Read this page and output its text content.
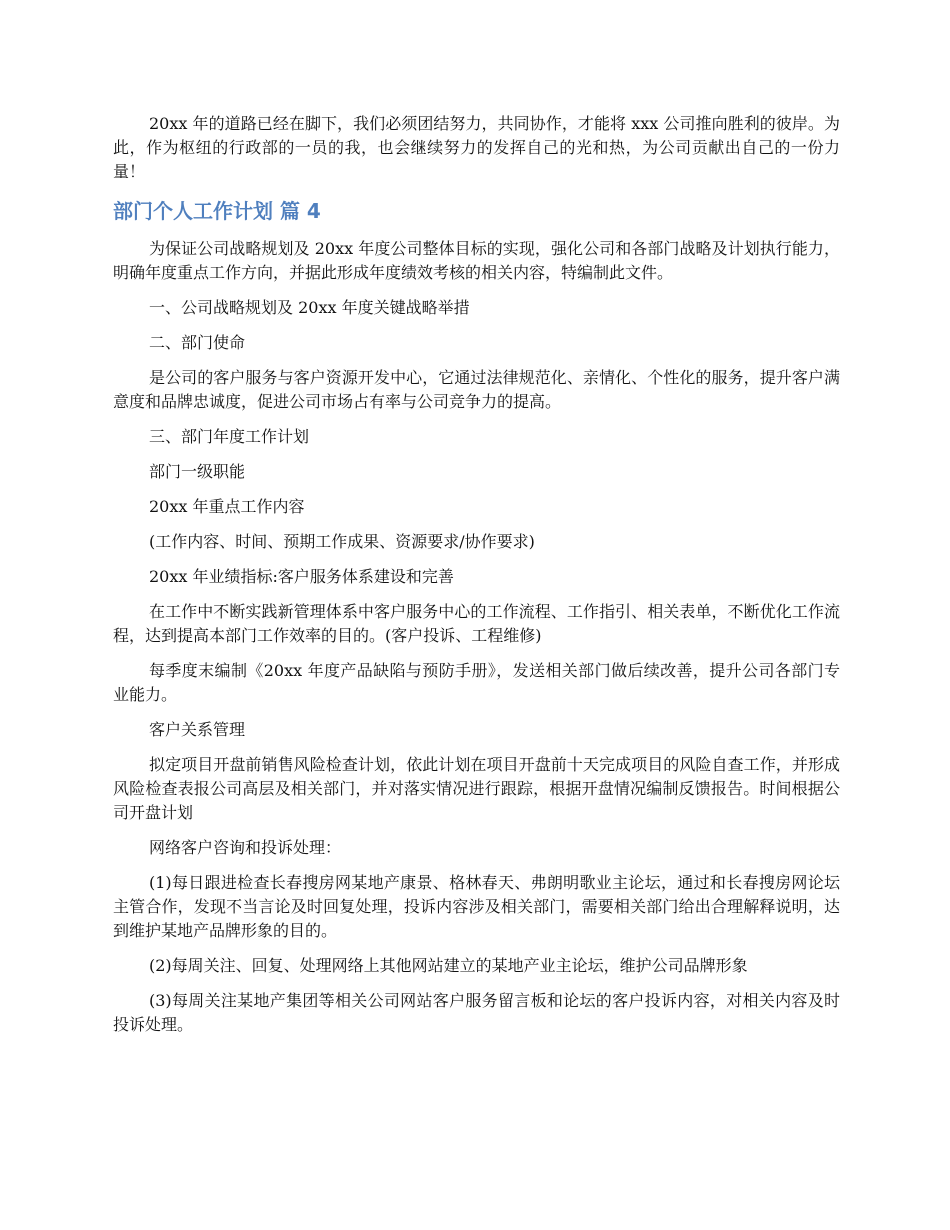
20xx 年的道路已经在脚下，我们必须团结努力，共同协作，才能将 xxx 公司推向胜利的彼岸。为此，作为枢纽的行政部的一员的我，也会继续努力的发挥自己的光和热，为公司贡献出自己的一份力量！

部门个人工作计划 篇 4

为保证公司战略规划及 20xx 年度公司整体目标的实现，强化公司和各部门战略及计划执行能力，明确年度重点工作方向，并据此形成年度绩效考核的相关内容，特编制此文件。

一、公司战略规划及 20xx 年度关键战略举措

二、部门使命

是公司的客户服务与客户资源开发中心，它通过法律规范化、亲情化、个性化的服务，提升客户满意度和品牌忠诚度，促进公司市场占有率与公司竞争力的提高。

三、部门年度工作计划

部门一级职能

20xx 年重点工作内容

(工作内容、时间、预期工作成果、资源要求/协作要求)

20xx 年业绩指标:客户服务体系建设和完善

在工作中不断实践新管理体系中客户服务中心的工作流程、工作指引、相关表单，不断优化工作流程，达到提高本部门工作效率的目的。(客户投诉、工程维修)

每季度末编制《20xx 年度产品缺陷与预防手册》，发送相关部门做后续改善，提升公司各部门专业能力。

客户关系管理

拟定项目开盘前销售风险检查计划，依此计划在项目开盘前十天完成项目的风险自查工作，并形成风险检查表报公司高层及相关部门，并对落实情况进行跟踪，根据开盘情况编制反馈报告。时间根据公司开盘计划

网络客户咨询和投诉处理：

(1)每日跟进检查长春搜房网某地产康景、格林春天、弗朗明歌业主论坛，通过和长春搜房网论坛主管合作，发现不当言论及时回复处理，投诉内容涉及相关部门，需要相关部门给出合理解释说明，达到维护某地产品牌形象的目的。

(2)每周关注、回复、处理网络上其他网站建立的某地产业主论坛，维护公司品牌形象

(3)每周关注某地产集团等相关公司网站客户服务留言板和论坛的客户投诉内容，对相关内容及时投诉处理。
